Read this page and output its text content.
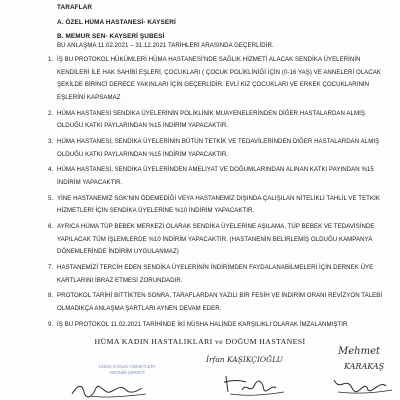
TARAFLAR
A. ÖZEL HÜMA HASTANESİ- KAYSERİ
B. MEMUR SEN- KAYSERİ ŞUBESİ
BU ANLAŞMA 11.02.2021 – 31.12.2021 TARİHLERİ ARASINDA GEÇERLİDİR.
1. İŞ BU PROTOKOL HÜKÜMLERİ HÜMA HASTANESİ'NDE SAĞLIK HİZMETİ ALACAK SENDİKA ÜYELERİNİN KENDİLERİ İLE HAK SAHİBİ EŞLERİ, ÇOCUKLARI ( ÇOCUK POLİKLİNİĞİ İÇİN (0-16 YAŞ) VE ANNELERİ OLACAK ŞEKİLDE BİRİNCİ DERECE YAKINLARI İÇİN GEÇERLİDİR. EVLİ KIZ ÇOCUKLARI VE ERKEK ÇOCUKLARININ EŞLERİNİ KAPSAMAZ
2. HÜMA HASTANESİ SENDİKA ÜYELERİNİN POLİKLİNİK MUAYENELERİNDEN DİĞER HASTALARDAN ALMIŞ OLDUĞU KATKI PAYLARINDAN %15 İNDİRİM YAPACAKTIR.
3. HÜMA HASTANESİ, SENDİKA ÜYELERİNİN BÜTÜN TETKİK VE TEDAVİLERİNDEN DİĞER HASTALARDAN ALMIŞ OLDUĞU KATKI PAYLARINDAN %15 İNDİRİM YAPACAKTIR.
4. HÜMA HASTANESİ, SENDİKA ÜYELERİNDEN AMELİYAT VE DOĞUMLARINDAN ALINAN KATKI PAYINDAN %15 İNDİRİM YAPACAKTIR.
5. YİNE HASTANEMİZ SGK'NIN ÖDEMEDİĞİ VEYA HASTANEMİZ DIŞINDA ÇALIŞILAN NİTELİKLİ TAHLİL VE TETKİK HİZMETLERİ İÇİN SENDİKA ÜYELERİNE %10 İNDİRİM YAPACAKTIR.
6. AYRICA HÜMA TÜP BEBEK MERKEZİ OLARAK SENDİKA ÜYELERİNE AŞILAMA, TÜP BEBEK VE TEDAVİSİNDE YAPILACAK TÜM İŞLEMLERDE %10 İNDİRİM YAPACAKTIR. (HASTANENİN BELİRLEMİŞ OLDUĞU KAMPANYA DÖNEMLERİNDE İNDİRİM UYGULANMAZ)
7. HASTANEMİZİ TERCİH EDEN SENDİKA ÜYELERİNİN İNDİRİMDEN FAYDALANABİLMELERİ İÇİN DERNEK ÜYE KARTLARINI İBRAZ ETMESİ ZORUNDADIR.
8. PROTOKOL TARİHİ BİTTİKTEN SONRA, TARAFLARDAN YAZILI BİR FESİH VE İNDİRİM ORANI REVİZYON TALEBİ OLMADIKÇA ANLAŞMA ŞARTLARI AYNEN DEVAM EDER.
9. İŞ BU PROTOKOL 11.02.2021 TARİHİNDE İKİ NÜSHA HALİNDE KARŞILIKLI OLARAK İMZALANMIŞTIR
HÜMA KADIN HASTALIKLARI ve DOĞUM HASTANESİ
HÜMA SAĞLIK HİZMETLERİ
ANONİM ŞİRKETİ
İrfan KAŞIKÇIOĞLU
Mehmet
KARAKAŞ
